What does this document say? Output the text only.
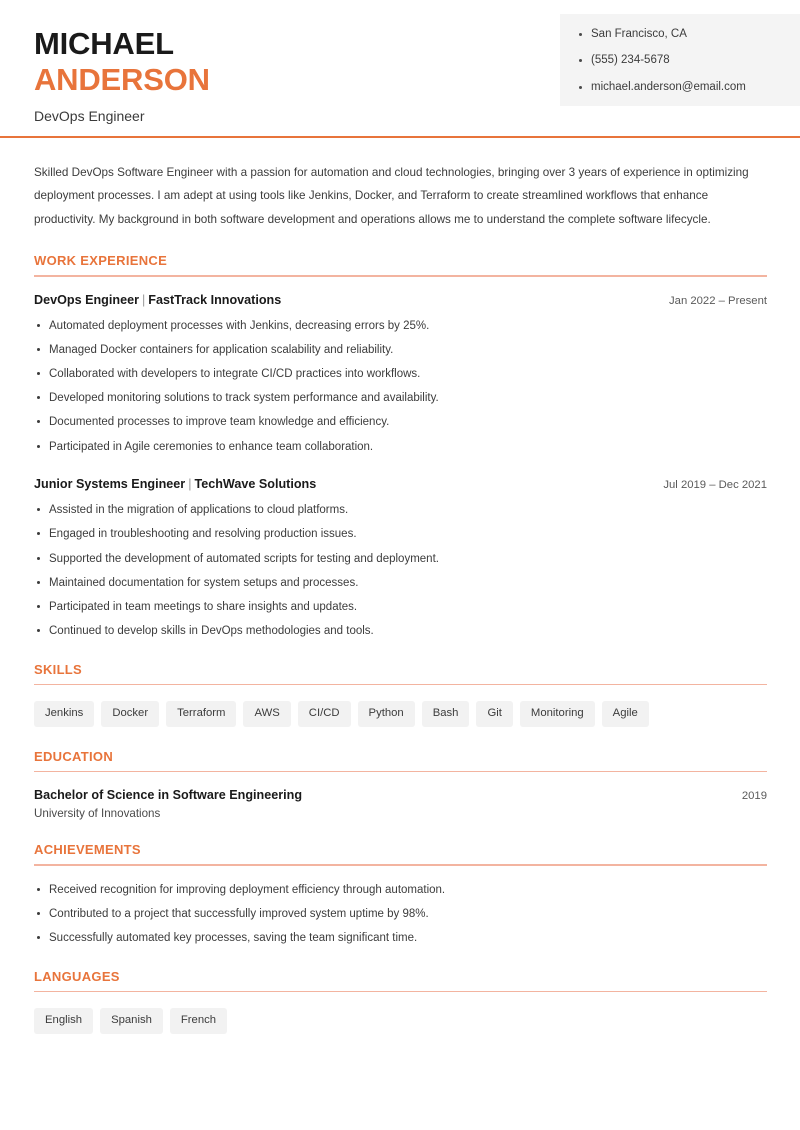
MICHAEL
ANDERSON
DevOps Engineer
San Francisco, CA
(555) 234-5678
michael.anderson@email.com
Skilled DevOps Software Engineer with a passion for automation and cloud technologies, bringing over 3 years of experience in optimizing deployment processes. I am adept at using tools like Jenkins, Docker, and Terraform to create streamlined workflows that enhance productivity. My background in both software development and operations allows me to understand the complete software lifecycle.
WORK EXPERIENCE
DevOps Engineer | FastTrack Innovations	Jan 2022 – Present
Automated deployment processes with Jenkins, decreasing errors by 25%.
Managed Docker containers for application scalability and reliability.
Collaborated with developers to integrate CI/CD practices into workflows.
Developed monitoring solutions to track system performance and availability.
Documented processes to improve team knowledge and efficiency.
Participated in Agile ceremonies to enhance team collaboration.
Junior Systems Engineer | TechWave Solutions	Jul 2019 – Dec 2021
Assisted in the migration of applications to cloud platforms.
Engaged in troubleshooting and resolving production issues.
Supported the development of automated scripts for testing and deployment.
Maintained documentation for system setups and processes.
Participated in team meetings to share insights and updates.
Continued to develop skills in DevOps methodologies and tools.
SKILLS
Jenkins	Docker	Terraform	AWS	CI/CD	Python	Bash	Git	Monitoring	Agile
EDUCATION
Bachelor of Science in Software Engineering	2019
University of Innovations
ACHIEVEMENTS
Received recognition for improving deployment efficiency through automation.
Contributed to a project that successfully improved system uptime by 98%.
Successfully automated key processes, saving the team significant time.
LANGUAGES
English	Spanish	French
